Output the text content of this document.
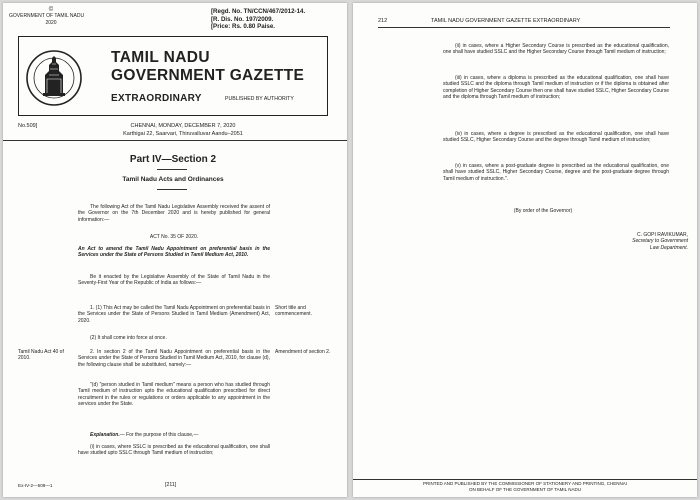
©
GOVERNMENT OF TAMIL NADU
2020
[Regd. No. TN/CCN/467/2012-14.
[R. Dis. No. 197/2009.
[Price: Rs. 0.80 Paise.
TAMIL NADU
GOVERNMENT GAZETTE
EXTRAORDINARY	PUBLISHED BY AUTHORITY
No.509]	CHENNAI, MONDAY, DECEMBER 7, 2020
Karthigai 22, Saarvari, Thiruvalluvar Aandu–2051
Part IV—Section 2
Tamil Nadu Acts and Ordinances
The following Act of the Tamil Nadu Legislative Assembly received the assent of the Governor on the 7th December 2020 and is hereby published for general information:—
ACT No. 35 OF 2020.
An Act to amend the Tamil Nadu Appointment on preferential basis in the Services under the State of Persons Studied in Tamil Medium Act, 2010.
Be it enacted by the Legislative Assembly of the State of Tamil Nadu in the Seventy-First Year of the Republic of India as follows:—
1. (1) This Act may be called the Tamil Nadu Appointment on preferential basis in the Services under the State of Persons Studied in Tamil Medium (Amendment) Act, 2020.
Short title and commencement.
(2) It shall come into force at once.
Tamil Nadu Act 40 of 2010.
2. In section 2 of the Tamil Nadu Appointment on preferential basis in the Services under the State of Persons Studied in Tamil Medium Act, 2010, for clause (d), the following clause shall be substituted, namely:—
Amendment of section 2.
"(d) "person studied in Tamil medium" means a person who has studied through Tamil medium of instruction upto the educational qualification prescribed for direct recruitment in the rules or regulations or orders applicable to any appointment in the services under the State.
Explanation.— For the purpose of this clause,—
(i) in cases, where SSLC is prescribed as the educational qualification, one shall have studied upto SSLC through Tamil medium of instruction;
Ex-IV-2—509—1	[211]
212	TAMIL NADU GOVERNMENT GAZETTE EXTRAORDINARY
(ii) in cases, where a Higher Secondary Course is prescribed as the educational qualification, one shall have studied SSLC and the Higher Secondary Course through Tamil medium of instruction;
(iii) in cases, where a diploma is prescribed as the educational qualification, one shall have studied SSLC and the diploma through Tamil medium of instruction or if the diploma is obtained after completion of Higher Secondary Course then one shall have studied SSLC, Higher Secondary Course and the diploma through Tamil medium of instruction;
(iv) in cases, where a degree is prescribed as the educational qualification, one shall have studied SSLC, Higher Secondary Course and the degree through Tamil medium of instruction;
(v) in cases, where a post-graduate degree is prescribed as the educational qualification, one shall have studied SSLC, Higher Secondary Course, degree and the post-graduate degree through Tamil medium of instruction.".
(By order of the Governor)
C. GOPI RAVIKUMAR,
Secretary to Government
Law Department.
PRINTED AND PUBLISHED BY THE COMMISSIONER OF STATIONERY AND PRINTING, CHENNAI
ON BEHALF OF THE GOVERNMENT OF TAMIL NADU
